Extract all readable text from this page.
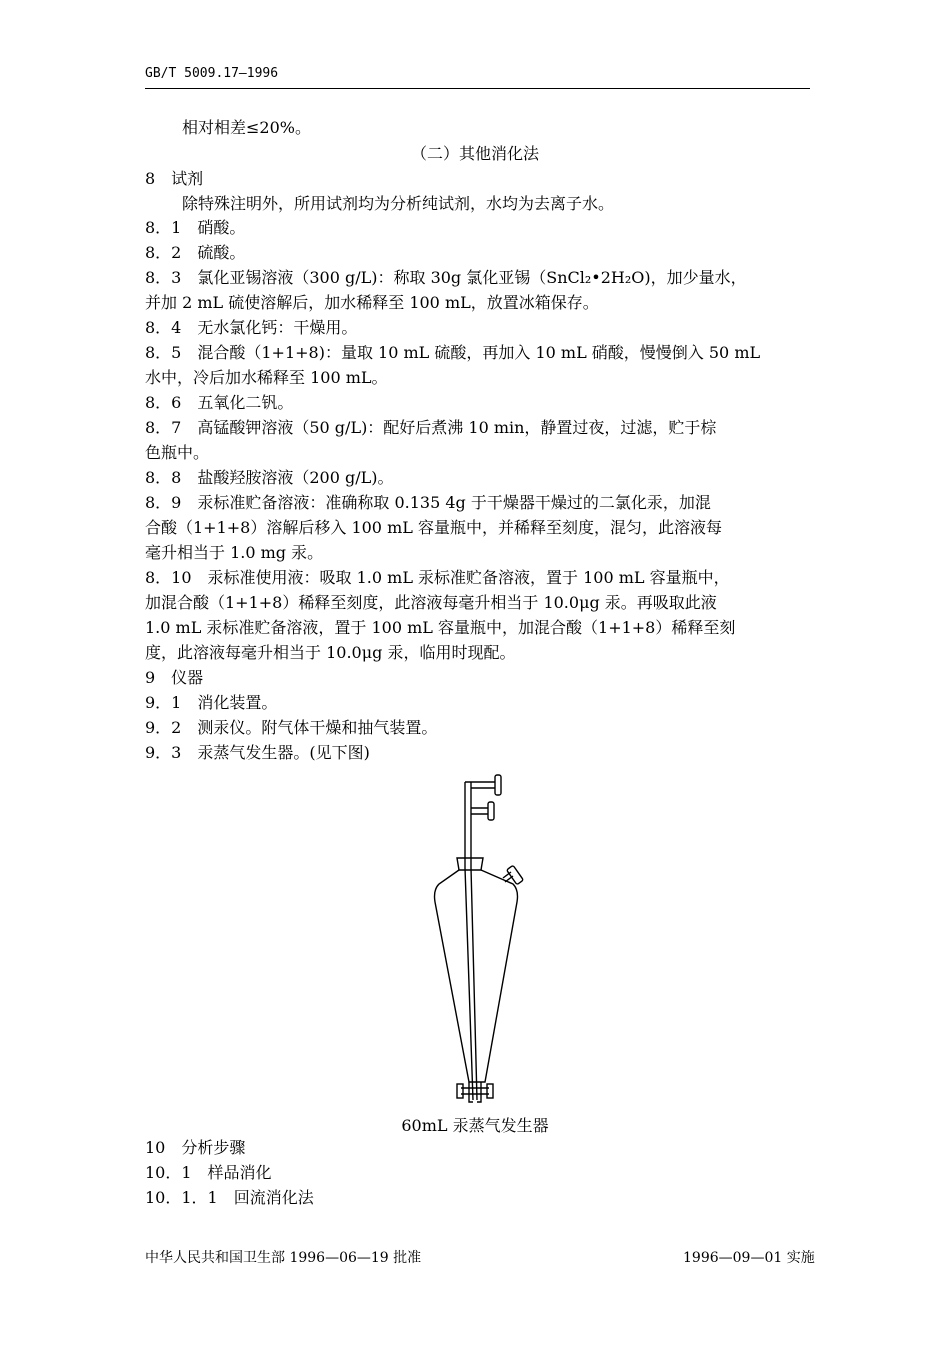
GB/T 5009.17—1996
相对相差≤20%。
（二）其他消化法
8　试剂
除特殊注明外，所用试剂均为分析纯试剂，水均为去离子水。
8．1　硝酸。
8．2　硫酸。
8．3　氯化亚锡溶液（300 g/L)：称取 30g 氯化亚锡（SnCl₂•2H₂O)，加少量水，
并加 2 mL 硫使溶解后，加水稀释至 100 mL，放置冰箱保存。
8．4　无水氯化钙：干燥用。
8．5　混合酸（1+1+8)：量取 10 mL 硫酸，再加入 10 mL 硝酸，慢慢倒入 50 mL
水中，冷后加水稀释至 100 mL。
8．6　五氧化二钒。
8．7　高锰酸钾溶液（50 g/L)：配好后煮沸 10 min，静置过夜，过滤，贮于棕
色瓶中。
8．8　盐酸羟胺溶液（200 g/L)。
8．9　汞标准贮备溶液：准确称取 0.135 4g 于干燥器干燥过的二氯化汞，加混
合酸（1+1+8）溶解后移入 100 mL 容量瓶中，并稀释至刻度，混匀，此溶液每
毫升相当于 1.0 mg 汞。
8．10　汞标准使用液：吸取 1.0 mL 汞标准贮备溶液，置于 100 mL 容量瓶中，
加混合酸（1+1+8）稀释至刻度，此溶液每毫升相当于 10.0μg 汞。再吸取此液
1.0 mL 汞标准贮备溶液，置于 100 mL 容量瓶中，加混合酸（1+1+8）稀释至刻
度，此溶液每毫升相当于 10.0μg 汞，临用时现配。
9　仪器
9．1　消化装置。
9．2　测汞仪。附气体干燥和抽气装置。
9．3　汞蒸气发生器。(见下图)
60mL 汞蒸气发生器
10　分析步骤
10．1　样品消化
10．1．1　回流消化法
中华人民共和国卫生部 1996—06—19 批准	1996—09—01 实施
